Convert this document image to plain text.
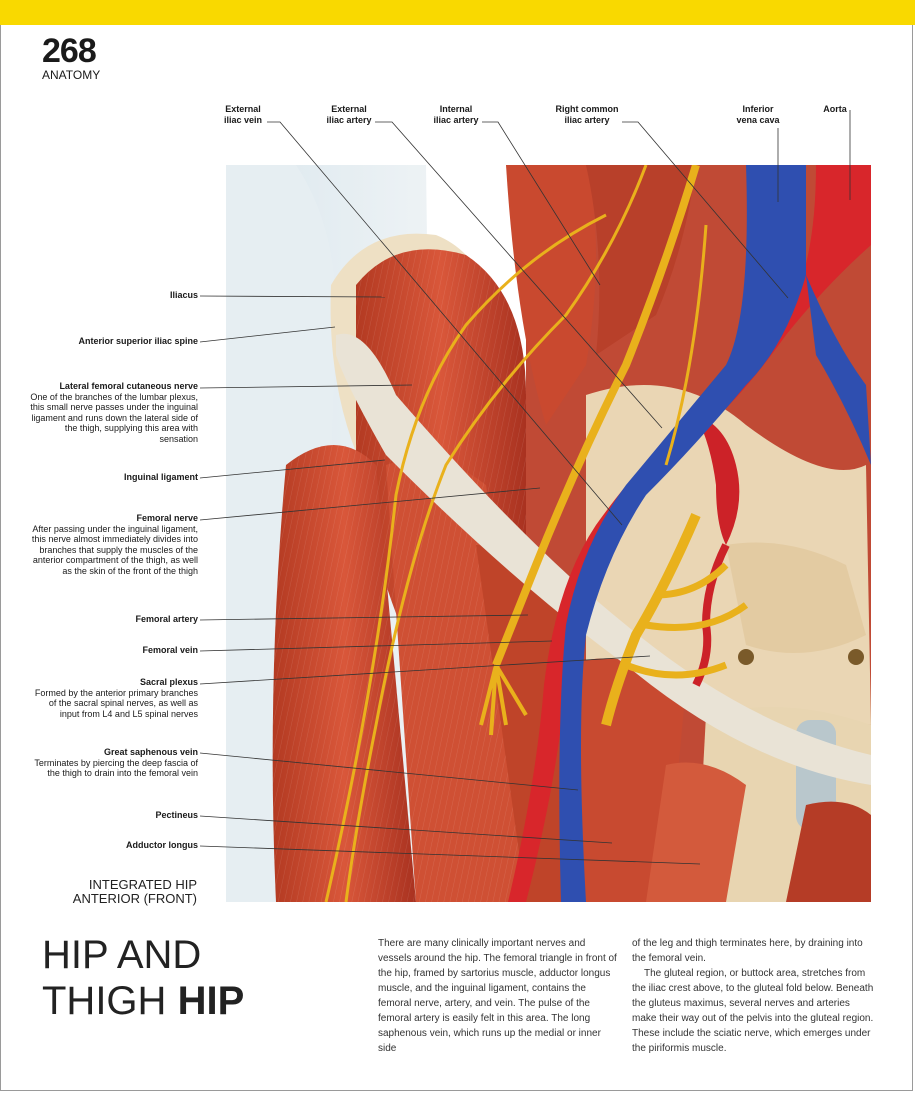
268
ANATOMY
External
iliac vein
External
iliac artery
Internal
iliac artery
Right common
iliac artery
Inferior
vena cava
Aorta
Iliacus
Anterior superior iliac spine
Lateral femoral cutaneous nerve
One of the branches of the lumbar plexus, this small nerve passes under the inguinal ligament and runs down the lateral side of the thigh, supplying this area with sensation
Inguinal ligament
Femoral nerve
After passing under the inguinal ligament, this nerve almost immediately divides into branches that supply the muscles of the anterior compartment of the thigh, as well as the skin of the front of the thigh
Femoral artery
Femoral vein
Sacral plexus
Formed by the anterior primary branches of the sacral spinal nerves, as well as input from L4 and L5 spinal nerves
Great saphenous vein
Terminates by piercing the deep fascia of the thigh to drain into the femoral vein
Pectineus
Adductor longus
INTEGRATED HIP
ANTERIOR (FRONT)
HIP AND
THIGH HIP

There are many clinically important nerves and vessels around the hip. The femoral triangle in front of the hip, framed by sartorius muscle, adductor longus muscle, and the inguinal ligament, contains the femoral nerve, artery, and vein. The pulse of the femoral artery is easily felt in this area. The long saphenous vein, which runs up the medial or inner side

of the leg and thigh terminates here, by draining into the femoral vein.

The gluteal region, or buttock area, stretches from the iliac crest above, to the gluteal fold below. Beneath the gluteus maximus, several nerves and arteries make their way out of the pelvis into the gluteal region. These include the sciatic nerve, which emerges under the piriformis muscle.
